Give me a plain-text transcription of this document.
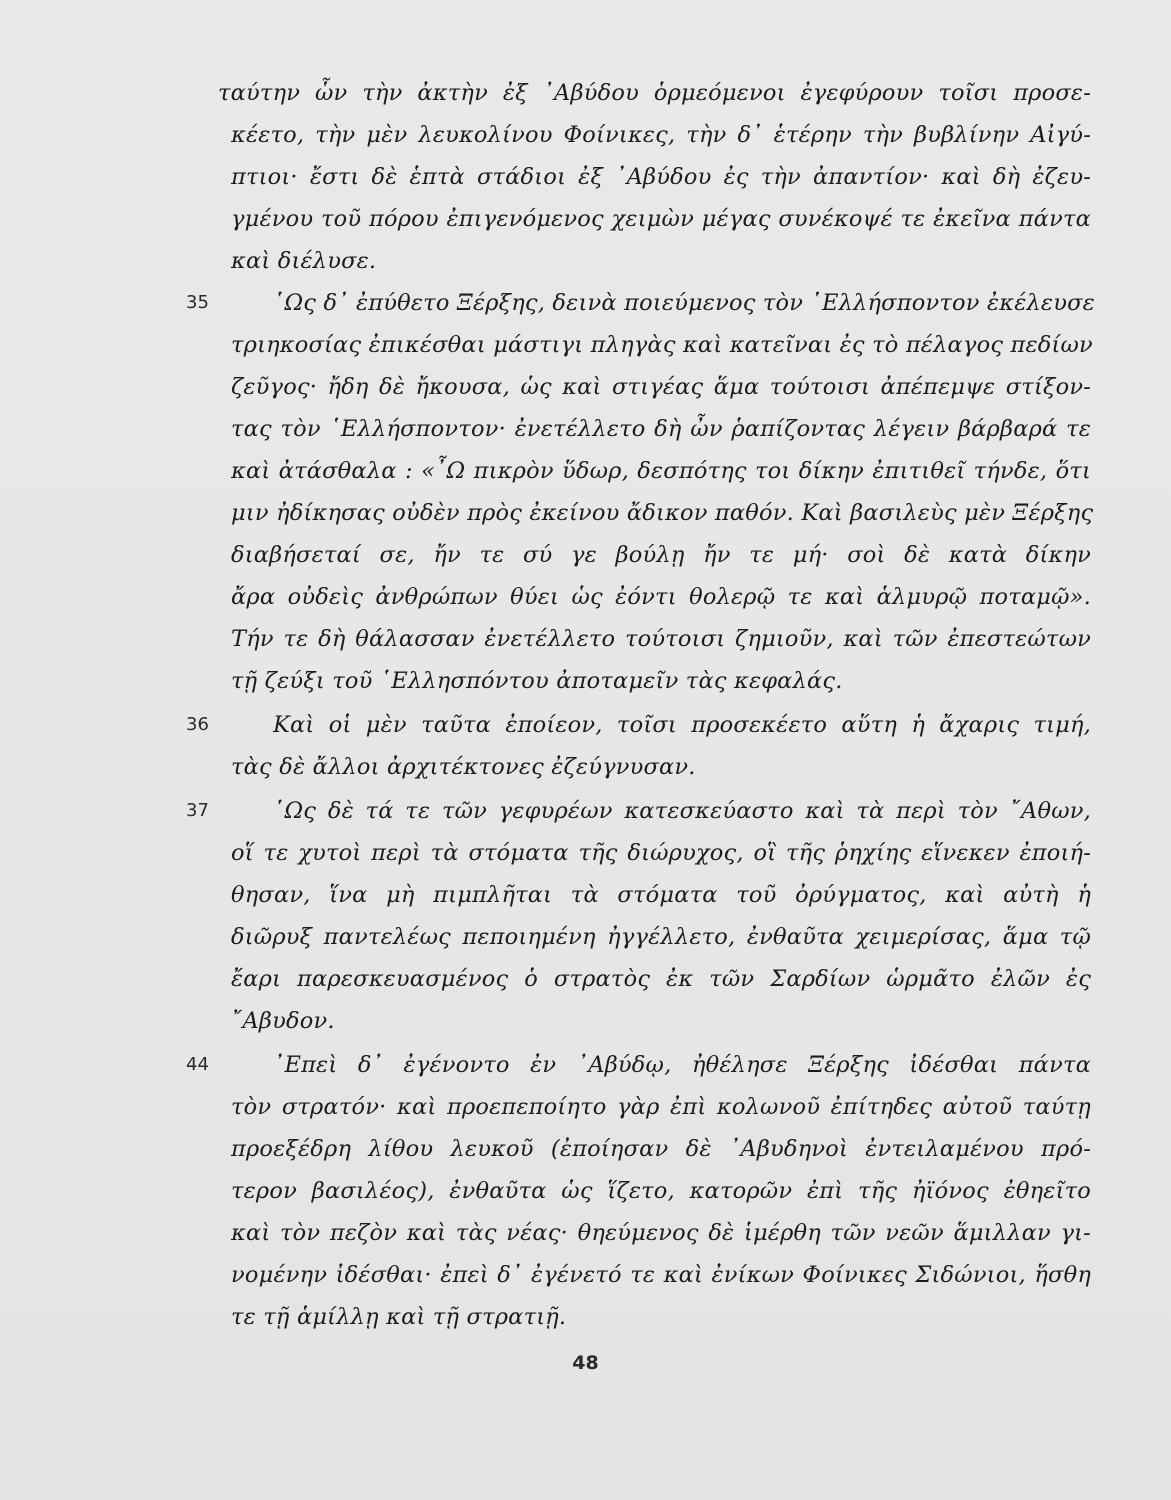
ταύτην ὧν τὴν ἀκτὴν ἐξ ᾽Αβύδου ὁρμεόμενοι ἐγεφύρουν τοῖσι προσε-
κέετο, τὴν μὲν λευκολίνου Φοίνικες, τὴν δ᾽ ἑτέρην τὴν βυβλίνην Αἰγύ-
πτιοι· ἔστι δὲ ἑπτὰ στάδιοι ἐξ ᾽Αβύδου ἐς τὴν ἀπαντίον· καὶ δὴ ἐζευ-
γμένου τοῦ πόρου ἐπιγενόμενος χειμὼν μέγας συνέκοψέ τε ἐκεῖνα πάντα
καὶ διέλυσε.
35	῾Ως δ᾽ ἐπύθετο Ξέρξης, δεινὰ ποιεύμενος τὸν ῾Ελλήσποντον ἐκέλευσε
τριηκοσίας ἐπικέσθαι μάστιγι πληγὰς καὶ κατεῖναι ἐς τὸ πέλαγος πεδίων
ζεῦγος· ἤδη δὲ ἤκουσα, ὡς καὶ στιγέας ἅμα τούτοισι ἀπέπεμψε στίξον-
τας τὸν ῾Ελλήσποντον· ἐνετέλλετο δὴ ὦν ῥαπίζοντας λέγειν βάρβαρά τε
καὶ ἀτάσθαλα : «῏Ω πικρὸν ὕδωρ, δεσπότης τοι δίκην ἐπιτιθεῖ τήνδε, ὅτι
μιν ἠδίκησας οὐδὲν πρὸς ἐκείνου ἄδικον παθόν. Καὶ βασιλεὺς μὲν Ξέρξης
διαβήσεταί σε, ἤν τε σύ γε βούλῃ ἤν τε μή· σοὶ δὲ κατὰ δίκην
ἄρα οὐδεὶς ἀνθρώπων θύει ὡς ἐόντι θολερῷ τε καὶ ἁλμυρῷ ποταμῷ».
Τήν τε δὴ θάλασσαν ἐνετέλλετο τούτοισι ζημιοῦν, καὶ τῶν ἐπεστεώτων
τῇ ζεύξι τοῦ ῾Ελλησπόντου ἀποταμεῖν τὰς κεφαλάς.
36	Καὶ οἱ μὲν ταῦτα ἐποίεον, τοῖσι προσεκέετο αὕτη ἡ ἄχαρις τιμή,
τὰς δὲ ἄλλοι ἀρχιτέκτονες ἐζεύγνυσαν.
37	῾Ως δὲ τά τε τῶν γεφυρέων κατεσκεύαστο καὶ τὰ περὶ τὸν ῎Αθων,
οἵ τε χυτοὶ περὶ τὰ στόματα τῆς διώρυχος, οἳ τῆς ῥηχίης εἵνεκεν ἐποιή-
θησαν, ἵνα μὴ πιμπλῆται τὰ στόματα τοῦ ὀρύγματος, καὶ αὐτὴ ἡ
διῶρυξ παντελέως πεποιημένη ἠγγέλλετο, ἐνθαῦτα χειμερίσας, ἅμα τῷ
ἔαρι παρεσκευασμένος ὁ στρατὸς ἐκ τῶν Σαρδίων ὡρμᾶτο ἐλῶν ἐς
῎Αβυδον.
44	᾽Επεὶ δ᾽ ἐγένοντο ἐν ᾽Αβύδῳ, ἠθέλησε Ξέρξης ἰδέσθαι πάντα
τὸν στρατόν· καὶ προεπεποίητο γὰρ ἐπὶ κολωνοῦ ἐπίτηδες αὐτοῦ ταύτῃ
προεξέδρη λίθου λευκοῦ (ἐποίησαν δὲ ᾽Αβυδηνοὶ ἐντειλαμένου πρό-
τερον βασιλέος), ἐνθαῦτα ὡς ἵζετο, κατορῶν ἐπὶ τῆς ἠϊόνος ἐθηεῖτο
καὶ τὸν πεζὸν καὶ τὰς νέας· θηεύμενος δὲ ἱμέρθη τῶν νεῶν ἅμιλλαν γι-
νομένην ἰδέσθαι· ἐπεὶ δ᾽ ἐγένετό τε καὶ ἐνίκων Φοίνικες Σιδώνιοι, ἥσθη
τε τῇ ἁμίλλῃ καὶ τῇ στρατιῇ.
48
